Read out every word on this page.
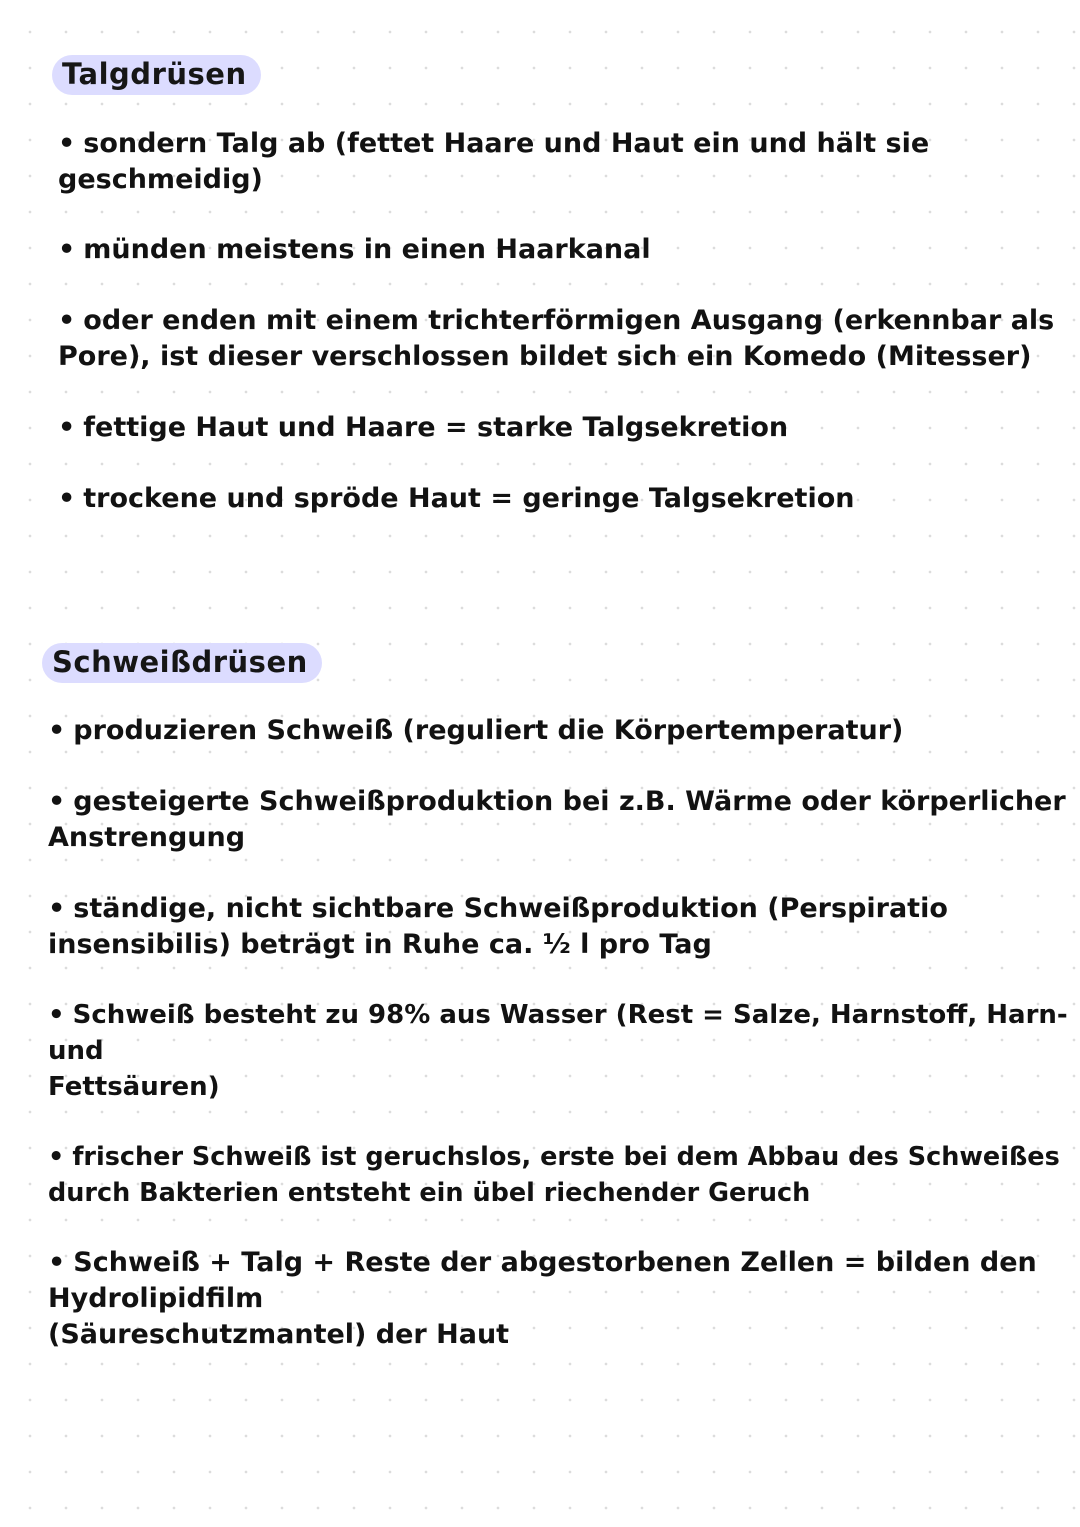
Talgdrüsen
• sondern Talg ab (fettet Haare und Haut ein und hält sie
geschmeidig)
• münden meistens in einen Haarkanal
• oder enden mit einem trichterförmigen Ausgang (erkennbar als
Pore), ist dieser verschlossen bildet sich ein Komedo (Mitesser)
• fettige Haut und Haare = starke Talgsekretion
• trockene und spröde Haut = geringe Talgsekretion
Schweißdrüsen
• produzieren Schweiß (reguliert die Körpertemperatur)
• gesteigerte Schweißproduktion bei z.B. Wärme oder körperlicher
Anstrengung
• ständige, nicht sichtbare Schweißproduktion (Perspiratio
insensibilis) beträgt in Ruhe ca. ½ l pro Tag
• Schweiß besteht zu 98% aus Wasser (Rest = Salze, Harnstoff, Harn-
und
Fettsäuren)
• frischer Schweiß ist geruchslos, erste bei dem Abbau des Schweißes
durch Bakterien entsteht ein übel riechender Geruch
• Schweiß + Talg + Reste der abgestorbenen Zellen = bilden den
Hydrolipidfilm
(Säureschutzmantel) der Haut
